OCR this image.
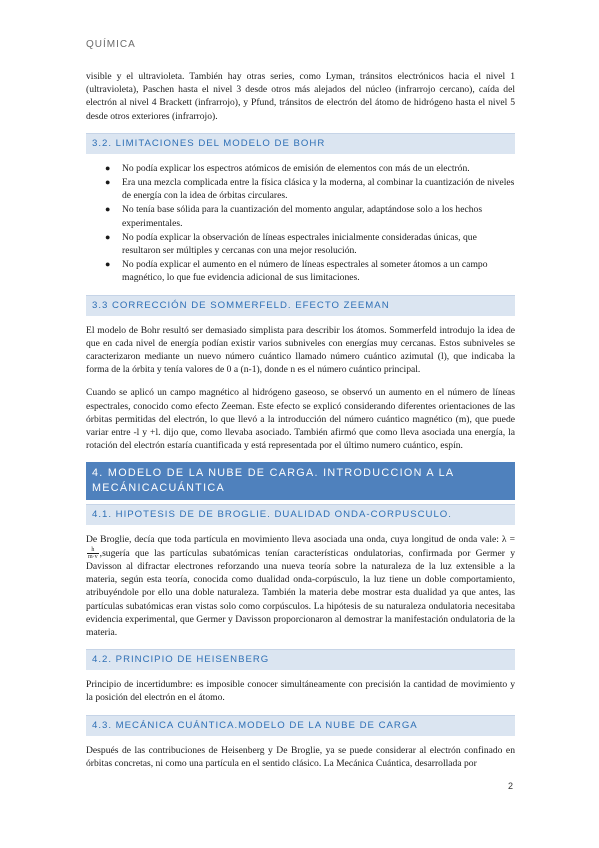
QUÍMICA

visible y el ultravioleta. También hay otras series, como Lyman, tránsitos electrónicos hacia el nivel 1 (ultravioleta), Paschen hasta el nivel 3 desde otros más alejados del núcleo (infrarrojo cercano), caída del electrón al nivel 4 Brackett (infrarrojo), y Pfund, tránsitos de electrón del átomo de hidrógeno hasta el nivel 5 desde otros exteriores (infrarrojo).

3.2. LIMITACIONES DEL MODELO DE BOHR
● No podía explicar los espectros atómicos de emisión de elementos con más de un electrón.
● Era una mezcla complicada entre la física clásica y la moderna, al combinar la cuantización de niveles de energía con la idea de órbitas circulares.
● No tenía base sólida para la cuantización del momento angular, adaptándose solo a los hechos experimentales.
● No podía explicar la observación de líneas espectrales inicialmente consideradas únicas, que resultaron ser múltiples y cercanas con una mejor resolución.
● No podía explicar el aumento en el número de líneas espectrales al someter átomos a un campo magnético, lo que fue evidencia adicional de sus limitaciones.
3.3 CORRECCIÓN DE SOMMERFELD. EFECTO ZEEMAN

El modelo de Bohr resultó ser demasiado simplista para describir los átomos. Sommerfeld introdujo la idea de que en cada nivel de energía podían existir varios subniveles con energías muy cercanas. Estos subniveles se caracterizaron mediante un nuevo número cuántico llamado número cuántico azimutal (l), que indicaba la forma de la órbita y tenía valores de 0 a (n-1), donde n es el número cuántico principal.

Cuando se aplicó un campo magnético al hidrógeno gaseoso, se observó un aumento en el número de líneas espectrales, conocido como efecto Zeeman. Este efecto se explicó considerando diferentes orientaciones de las órbitas permitidas del electrón, lo que llevó a la introducción del número cuántico magnético (m), que puede variar entre -l y +l. dijo que, como llevaba asociado. También afirmó que como lleva asociada una energía, la rotación del electrón estaría cuantificada y está representada por el último numero cuántico, espín.

4. MODELO DE LA NUBE DE CARGA. INTRODUCCION A LA MECÁNICACUÁNTICA
4.1. HIPOTESIS DE DE BROGLIE. DUALIDAD ONDA-CORPUSCULO.

De Broglie, decía que toda partícula en movimiento lleva asociada una onda, cuya longitud de onda vale: λ =
$\frac{h}{m\cdot v}$ ,sugería que las partículas subatómicas tenían características ondulatorias, confirmada por Germer y Davisson al difractar electrones reforzando una nueva teoría sobre la naturaleza de la luz extensible a la materia, según esta teoría, conocida como dualidad onda-corpúsculo, la luz tiene un doble comportamiento, atribuyéndole por ello una doble naturaleza. También la materia debe mostrar esta dualidad ya que antes, las partículas subatómicas eran vistas solo como corpúsculos. La hipótesis de su naturaleza ondulatoria necesitaba evidencia experimental, que Germer y Davisson proporcionaron al demostrar la manifestación ondulatoria de la materia.

4.2. PRINCIPIO DE HEISENBERG

Principio de incertidumbre: es imposible conocer simultáneamente con precisión la cantidad de movimiento y la posición del electrón en el átomo.

4.3. MECÁNICA CUÁNTICA.MODELO DE LA NUBE DE CARGA

Después de las contribuciones de Heisenberg y De Broglie, ya se puede considerar al electrón confinado en órbitas concretas, ni como una partícula en el sentido clásico. La Mecánica Cuántica, desarrollada por

2
